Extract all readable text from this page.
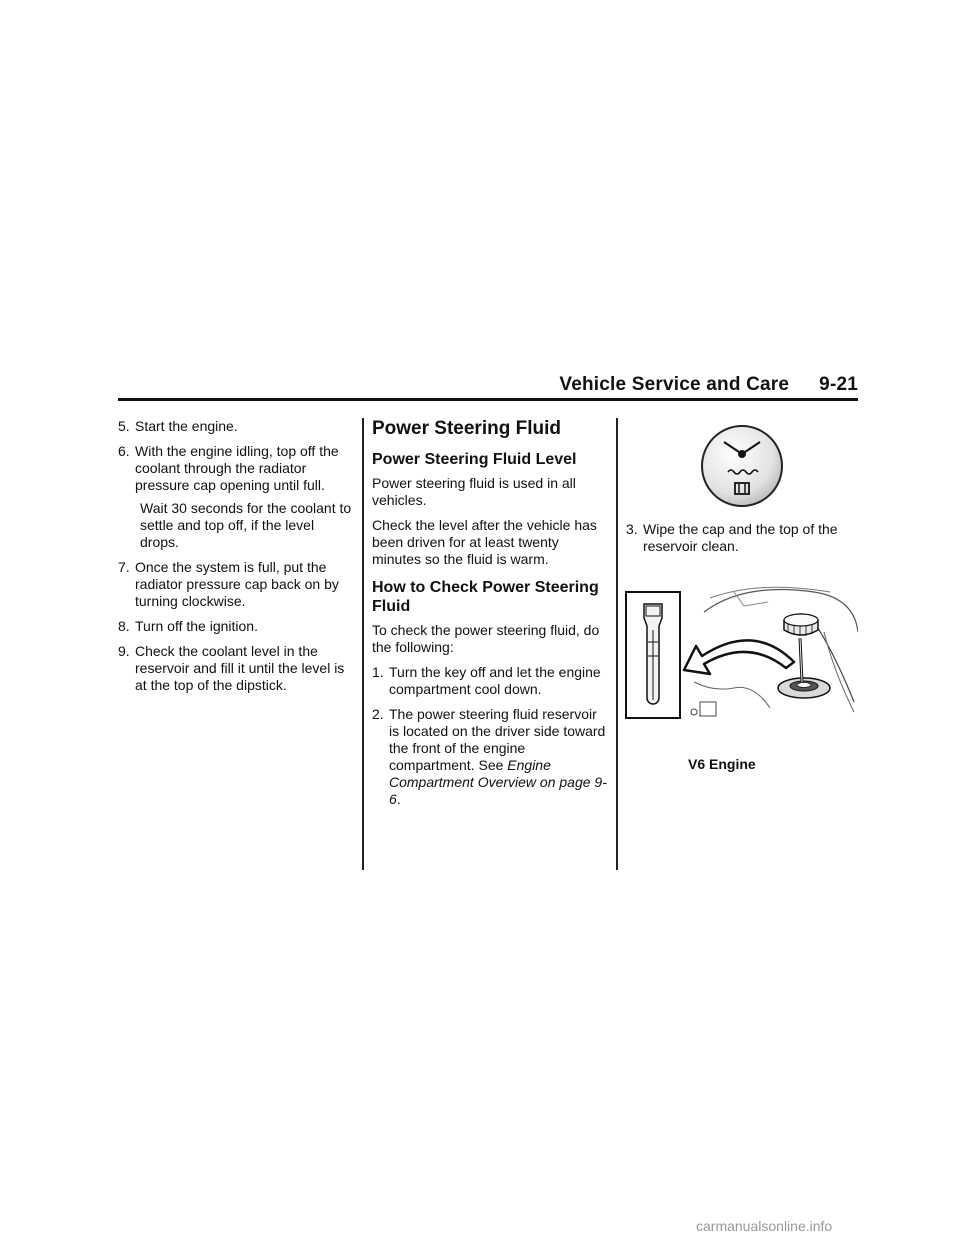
Vehicle Service and Care 9-21
5. Start the engine.
6. With the engine idling, top off the coolant through the radiator pressure cap opening until full.
Wait 30 seconds for the coolant to settle and top off, if the level drops.
7. Once the system is full, put the radiator pressure cap back on by turning clockwise.
8. Turn off the ignition.
9. Check the coolant level in the reservoir and fill it until the level is at the top of the dipstick.
Power Steering Fluid
Power Steering Fluid Level

Power steering fluid is used in all vehicles.

Check the level after the vehicle has been driven for at least twenty minutes so the fluid is warm.

How to Check Power Steering Fluid

To check the power steering fluid, do the following:

1. Turn the key off and let the engine compartment cool down.
2. The power steering fluid reservoir is located on the driver side toward the front of the engine compartment. See Engine Compartment Overview on page 9-6.
3. Wipe the cap and the top of the reservoir clean.
V6 Engine
carmanualsonline.info
